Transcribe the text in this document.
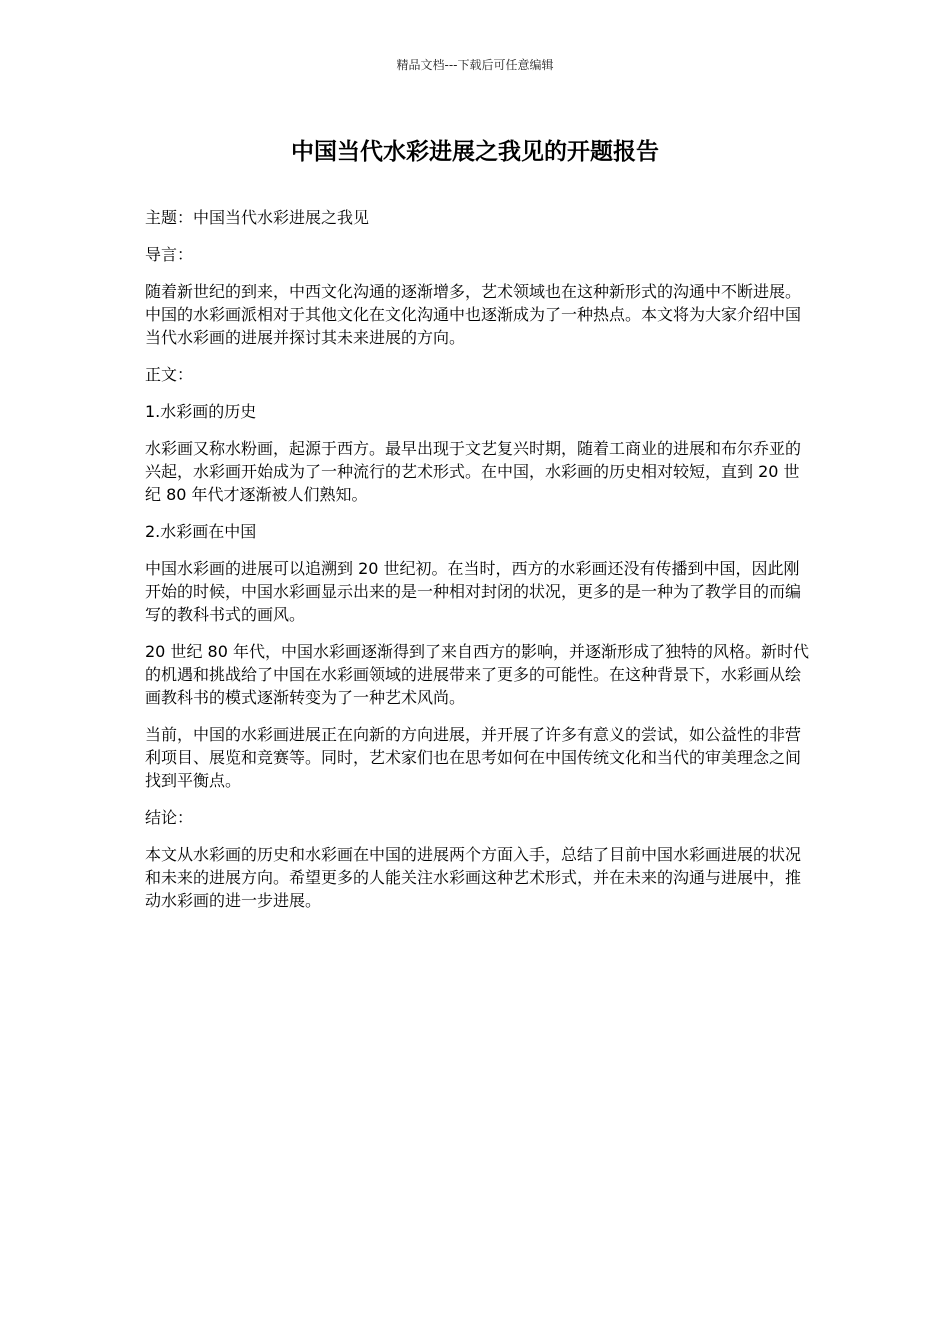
精品文档---下载后可任意编辑
中国当代水彩进展之我见的开题报告

主题：中国当代水彩进展之我见

导言：

随着新世纪的到来，中西文化沟通的逐渐增多，艺术领域也在这种新形式的沟通中不断进展。中国的水彩画派相对于其他文化在文化沟通中也逐渐成为了一种热点。本文将为大家介绍中国当代水彩画的进展并探讨其未来进展的方向。

正文：

1.水彩画的历史

水彩画又称水粉画，起源于西方。最早出现于文艺复兴时期，随着工商业的进展和布尔乔亚的兴起，水彩画开始成为了一种流行的艺术形式。在中国，水彩画的历史相对较短，直到 20 世纪 80 年代才逐渐被人们熟知。

2.水彩画在中国

中国水彩画的进展可以追溯到 20 世纪初。在当时，西方的水彩画还没有传播到中国，因此刚开始的时候，中国水彩画显示出来的是一种相对封闭的状况，更多的是一种为了教学目的而编写的教科书式的画风。

20 世纪 80 年代，中国水彩画逐渐得到了来自西方的影响，并逐渐形成了独特的风格。新时代的机遇和挑战给了中国在水彩画领域的进展带来了更多的可能性。在这种背景下，水彩画从绘画教科书的模式逐渐转变为了一种艺术风尚。

当前，中国的水彩画进展正在向新的方向进展，并开展了许多有意义的尝试，如公益性的非营利项目、展览和竞赛等。同时，艺术家们也在思考如何在中国传统文化和当代的审美理念之间找到平衡点。

结论：

本文从水彩画的历史和水彩画在中国的进展两个方面入手，总结了目前中国水彩画进展的状况和未来的进展方向。希望更多的人能关注水彩画这种艺术形式，并在未来的沟通与进展中，推动水彩画的进一步进展。
